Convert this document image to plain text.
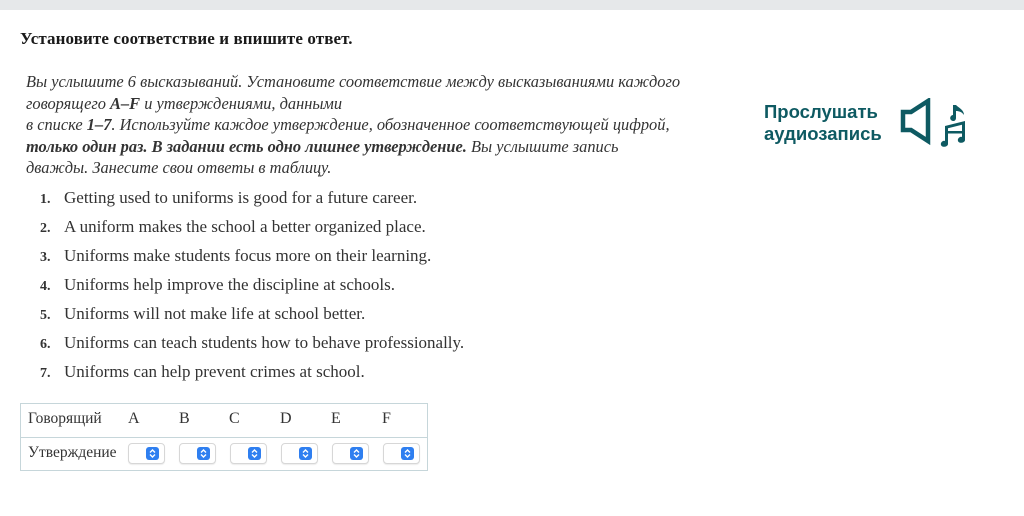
Установите соответствие и впишите ответ.
Вы услышите 6 высказываний. Установите соответствие между высказываниями каждого
говорящего A–F и утверждениями, данными
в списке 1–7. Используйте каждое утверждение, обозначенное соответствующей цифрой,
только один раз. В задании есть одно лишнее утверждение. Вы услышите запись
дважды. Занесите свои ответы в таблицу.
Прослушать
аудиозапись
1. Getting used to uniforms is good for a future career.
2. A uniform makes the school a better organized place.
3. Uniforms make students focus more on their learning.
4. Uniforms help improve the discipline at schools.
5. Uniforms will not make life at school better.
6. Uniforms can teach students how to behave professionally.
7. Uniforms can help prevent crimes at school.
Говорящий A B C	D E	F
Утверждение
